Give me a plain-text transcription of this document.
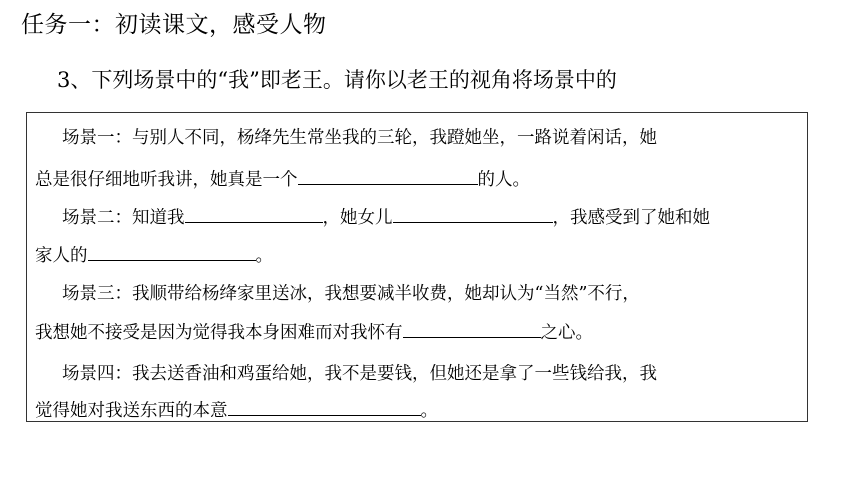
任务一：初读课文，感受人物
3、下列场景中的“我”即老王。请你以老王的视角将场景中的
场景一：与别人不同，杨绛先生常坐我的三轮，我蹬她坐，一路说着闲话，她
总是很仔细地听我讲，她真是一个	的人。
场景二：知道我	，她女儿	，我感受到了她和她
家人的	。
场景三：我顺带给杨绛家里送冰，我想要减半收费，她却认为“当然”不行，
我想她不接受是因为觉得我本身困难而对我怀有	之心。
场景四：我去送香油和鸡蛋给她，我不是要钱，但她还是拿了一些钱给我，我
觉得她对我送东西的本意	。
